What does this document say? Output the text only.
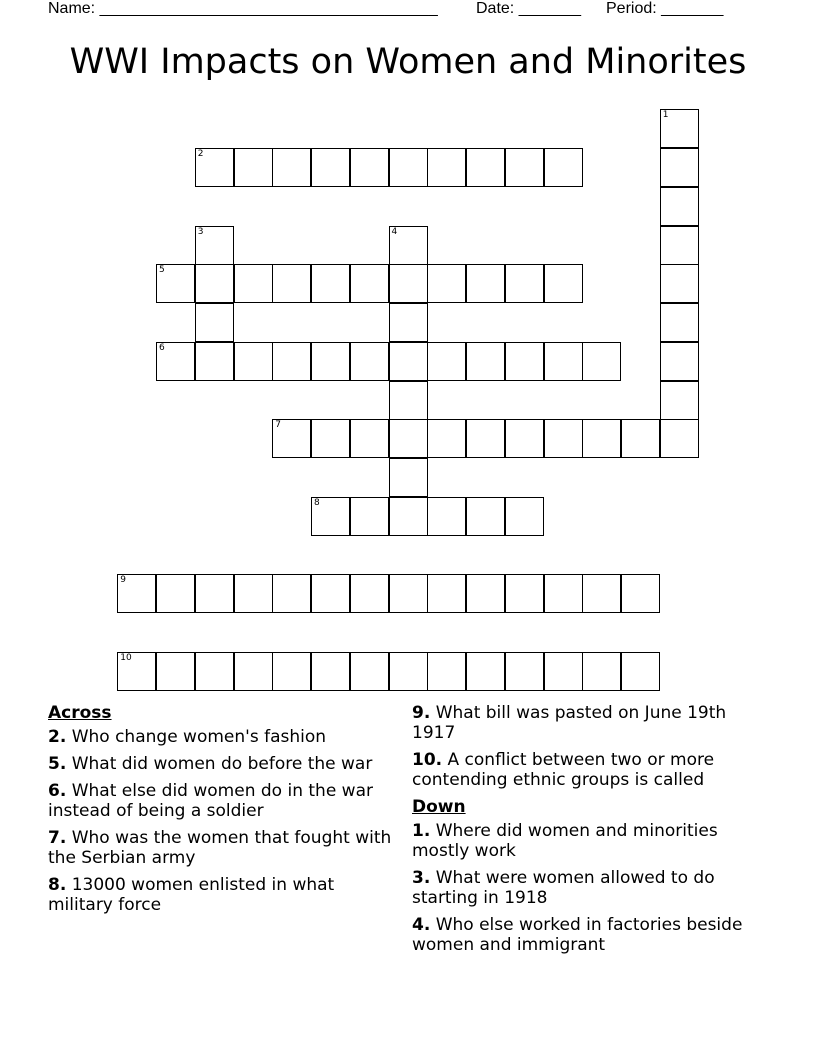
Name: ______________________________________ Date: _______ Period: _______
WWI Impacts on Women and Minorites
1
2
3	4
5
6
7
8
9
10
Across
2. Who change women's fashion
5. What did women do before the war
6. What else did women do in the war instead of being a soldier
7. Who was the women that fought with the Serbian army
8. 13000 women enlisted in what military force
9. What bill was pasted on June 19th 1917
10. A conflict between two or more contending ethnic groups is called
Down
1. Where did women and minorities mostly work
3. What were women allowed to do starting in 1918
4. Who else worked in factories beside women and immigrant
